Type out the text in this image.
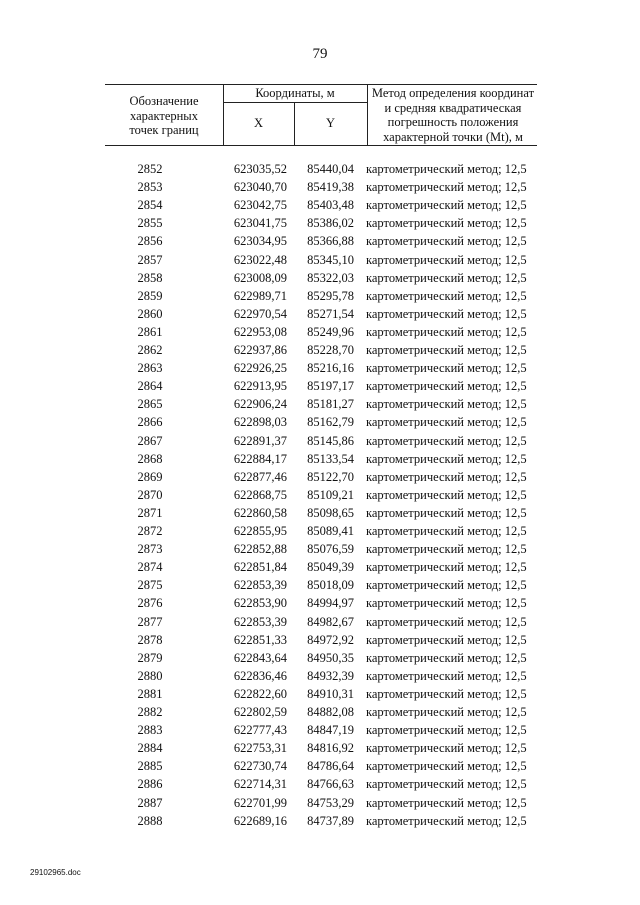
79
Обозначение
характерных
точек границ
Координаты, м
X	Y
Метод определения координат
и средняя квадратическая
погрешность положения
характерной точки (Mt), м
2852	623035,52	85440,04 картометрический метод; 12,5
2853	623040,70	85419,38 картометрический метод; 12,5
2854	623042,75	85403,48 картометрический метод; 12,5
2855	623041,75	85386,02 картометрический метод; 12,5
2856	623034,95	85366,88 картометрический метод; 12,5
2857	623022,48	85345,10 картометрический метод; 12,5
2858	623008,09	85322,03 картометрический метод; 12,5
2859	622989,71	85295,78 картометрический метод; 12,5
2860	622970,54	85271,54 картометрический метод; 12,5
2861	622953,08	85249,96 картометрический метод; 12,5
2862	622937,86	85228,70 картометрический метод; 12,5
2863	622926,25	85216,16 картометрический метод; 12,5
2864	622913,95	85197,17 картометрический метод; 12,5
2865	622906,24	85181,27 картометрический метод; 12,5
2866	622898,03	85162,79 картометрический метод; 12,5
2867	622891,37	85145,86 картометрический метод; 12,5
2868	622884,17	85133,54 картометрический метод; 12,5
2869	622877,46	85122,70 картометрический метод; 12,5
2870	622868,75	85109,21 картометрический метод; 12,5
2871	622860,58	85098,65 картометрический метод; 12,5
2872	622855,95	85089,41 картометрический метод; 12,5
2873	622852,88	85076,59 картометрический метод; 12,5
2874	622851,84	85049,39 картометрический метод; 12,5
2875	622853,39	85018,09 картометрический метод; 12,5
2876	622853,90	84994,97 картометрический метод; 12,5
2877	622853,39	84982,67 картометрический метод; 12,5
2878	622851,33	84972,92 картометрический метод; 12,5
2879	622843,64	84950,35 картометрический метод; 12,5
2880	622836,46	84932,39 картометрический метод; 12,5
2881	622822,60	84910,31 картометрический метод; 12,5
2882	622802,59	84882,08 картометрический метод; 12,5
2883	622777,43	84847,19 картометрический метод; 12,5
2884	622753,31	84816,92 картометрический метод; 12,5
2885	622730,74	84786,64 картометрический метод; 12,5
2886	622714,31	84766,63 картометрический метод; 12,5
2887	622701,99	84753,29 картометрический метод; 12,5
2888	622689,16	84737,89 картометрический метод; 12,5
29102965.doc
